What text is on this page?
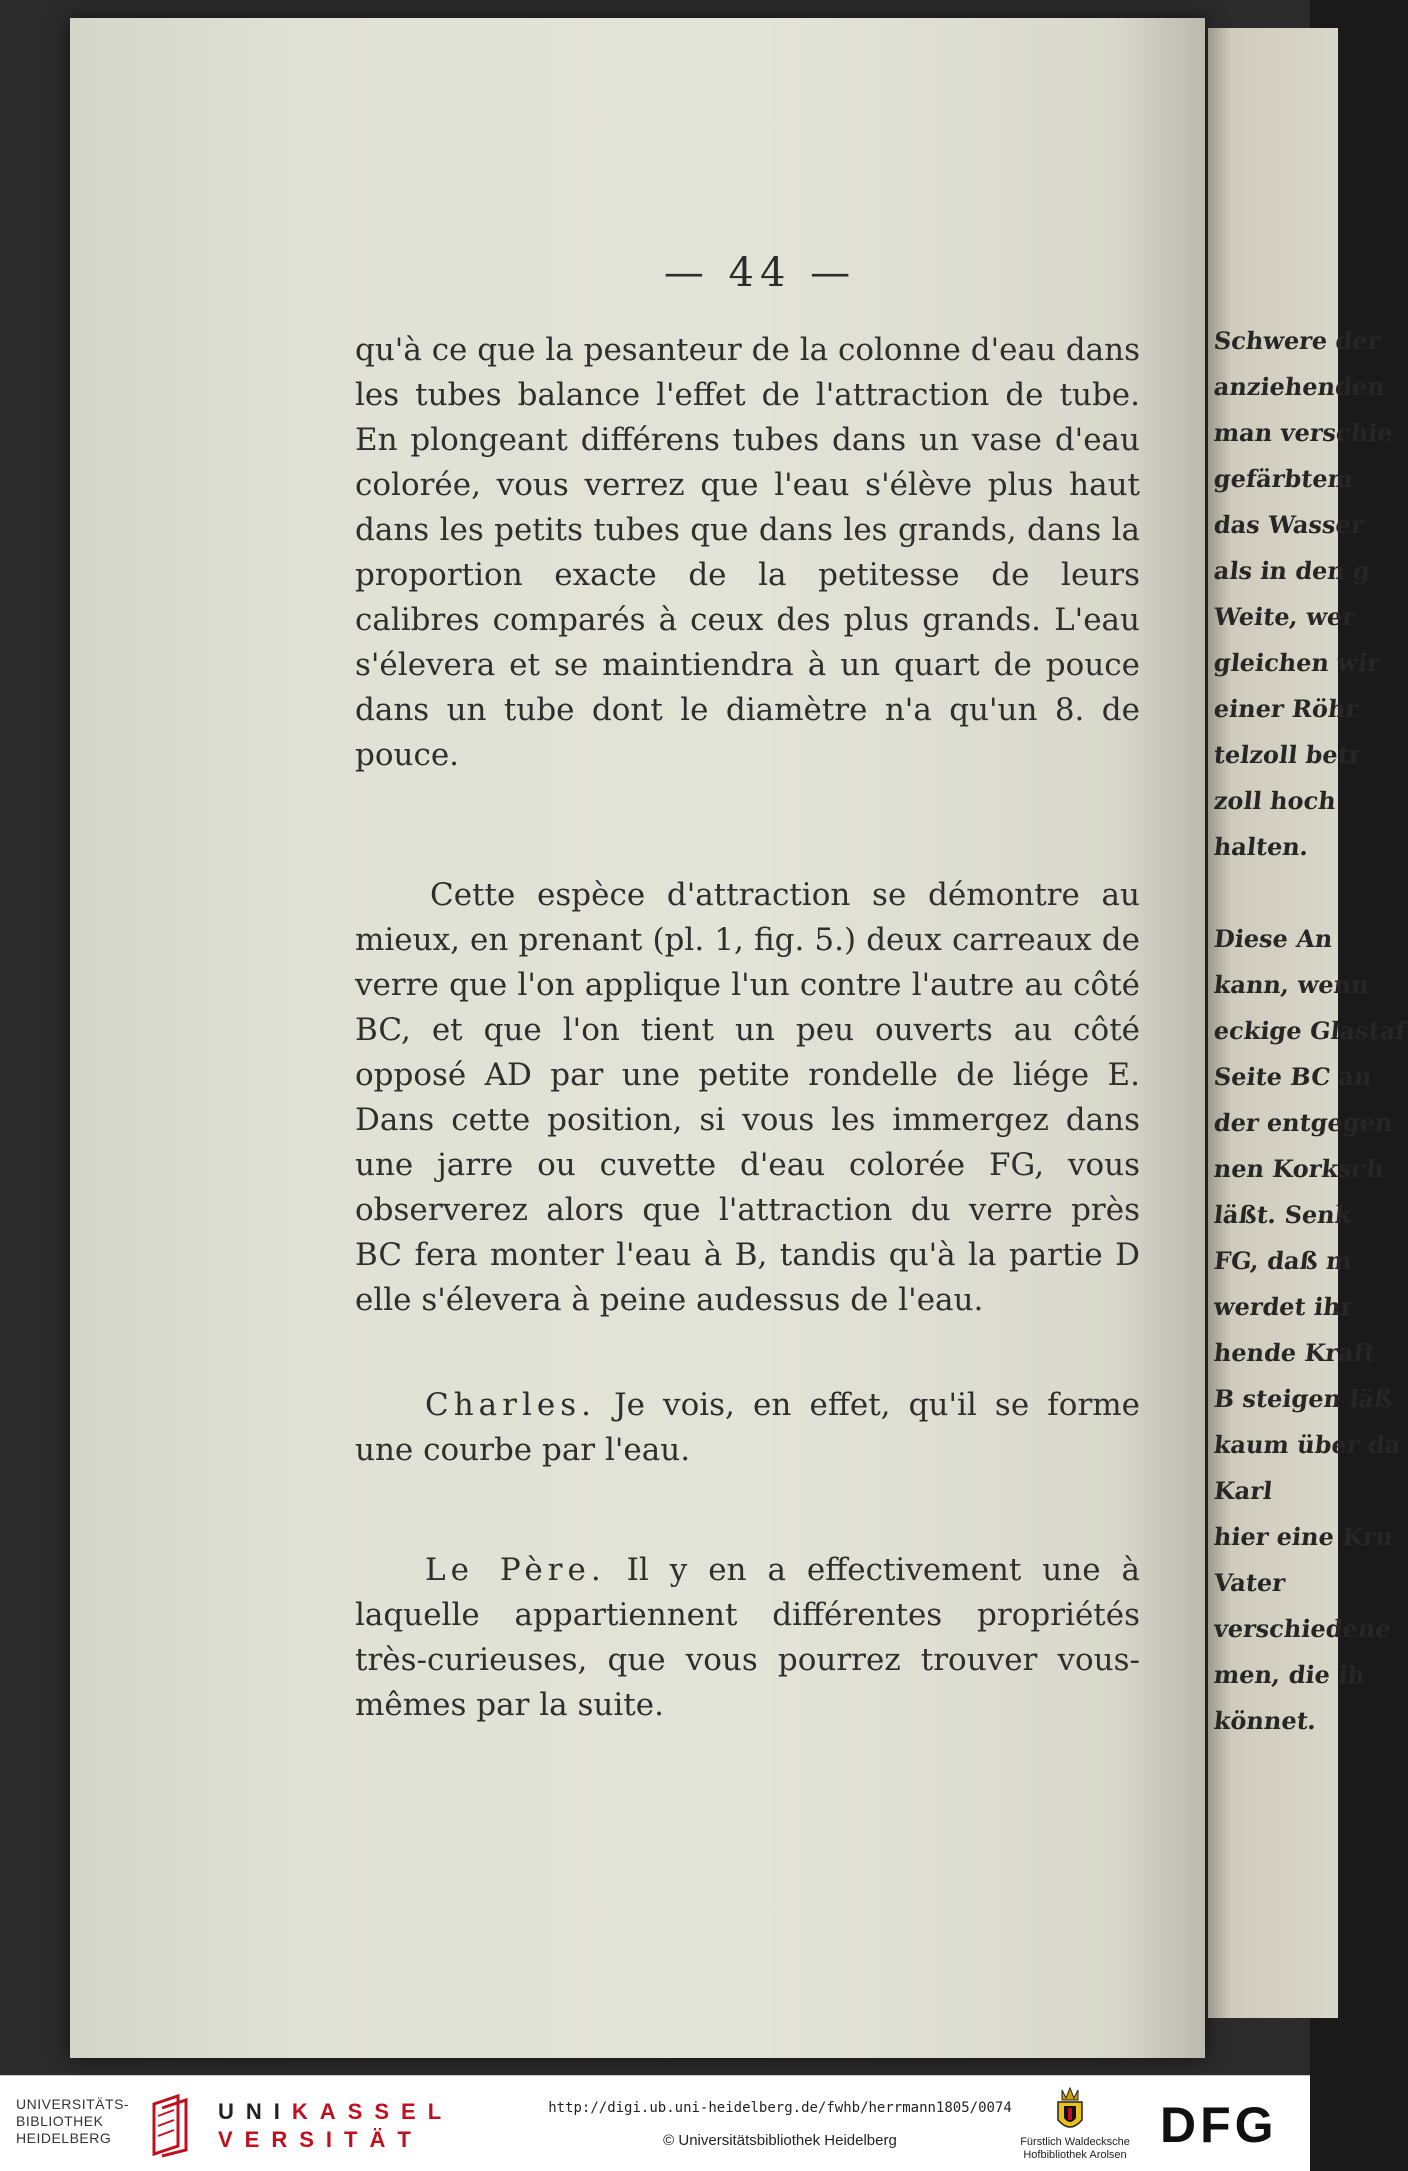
— 44 —

qu'à ce que la pesanteur de la colonne d'eau dans les tubes balance l'effet de l'attraction de tube. En plongeant différens tubes dans un vase d'eau colorée, vous verrez que l'eau s'élève plus haut dans les petits tubes que dans les grands, dans la proportion exacte de la petitesse de leurs calibres comparés à ceux des plus grands. L'eau s'élevera et se maintiendra à un quart de pouce dans un tube dont le diamètre n'a qu'un 8. de pouce.

Cette espèce d'attraction se démontre au mieux, en prenant (pl. 1, fig. 5.) deux carreaux de verre que l'on applique l'un contre l'autre au côté BC, et que l'on tient un peu ouverts au côté opposé AD par une petite rondelle de liége E. Dans cette position, si vous les immergez dans une jarre ou cuvette d'eau colorée FG, vous observerez alors que l'attraction du verre près BC fera monter l'eau à B, tandis qu'à la partie D elle s'élevera à peine audessus de l'eau.

Charles. Je vois, en effet, qu'il se forme une courbe par l'eau.

Le Père. Il y en a effectivement une à laquelle appartiennent différentes propriétés très-curieuses, que vous pourrez trouver vous-mêmes par la suite.

Schwere der
anziehenden
man verschie
gefärbtem
das Wasser
als in den g
Weite, wer
gleichen wir
einer Röhr
telzoll betr
zoll hoch
halten.

Diese An
kann, wenn
eckige Glastaf
Seite BC an
der entgegen
nen Korksch
läßt. Senk
FG, daß m
werdet ihr
hende Kraft
B steigen läß
kaum über da
Karl
hier eine Kru
Vater
verschiedene
men, die ih
könnet.
UNIVERSITÄTS-
BIBLIOTHEK
HEIDELBERG
UNIKASSEL
VERSITÄT
http://digi.ub.uni-heidelberg.de/fwhb/herrmann1805/0074
© Universitätsbibliothek Heidelberg	Fürstlich Waldecksche
Hofbibliothek Arolsen
DFG
